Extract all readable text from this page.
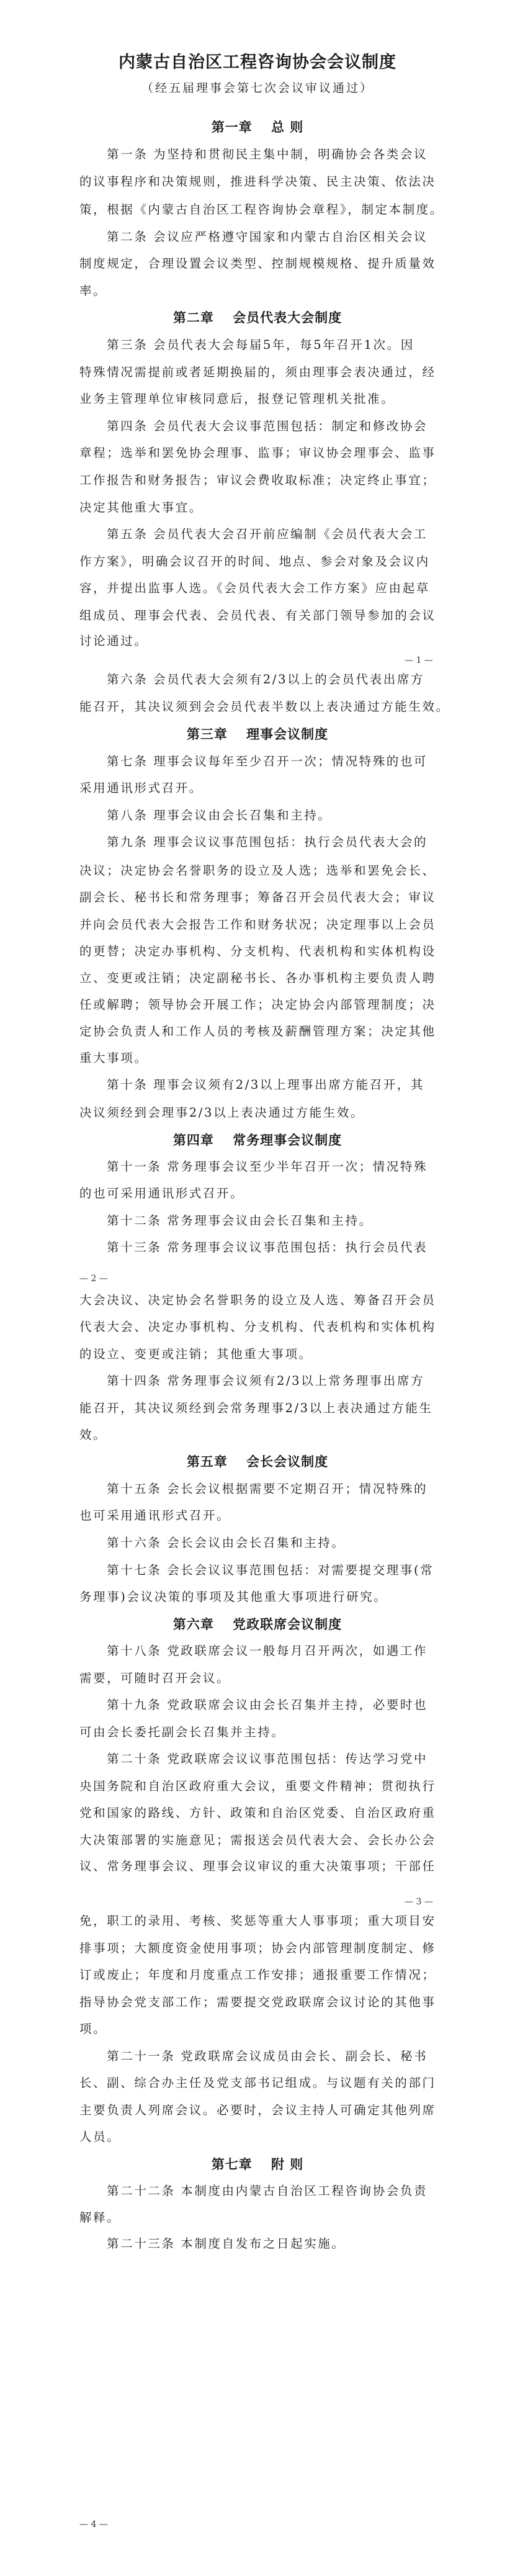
内蒙古自治区工程咨询协会会议制度
（经五届理事会第七次会议审议通过）
第一章　 总 则
第一条 为坚持和贯彻民主集中制，明确协会各类会议
的议事程序和决策规则，推进科学决策、民主决策、依法决
策，根据《内蒙古自治区工程咨询协会章程》，制定本制度。
第二条 会议应严格遵守国家和内蒙古自治区相关会议
制度规定，合理设置会议类型、控制规模规格、提升质量效
率。
第二章　 会员代表大会制度
第三条 会员代表大会每届5年，每5年召开1次。因
特殊情况需提前或者延期换届的，须由理事会表决通过，经
业务主管理单位审核同意后，报登记管理机关批准。
第四条 会员代表大会议事范围包括：制定和修改协会
章程；选举和罢免协会理事、监事；审议协会理事会、监事
工作报告和财务报告；审议会费收取标准；决定终止事宜；
决定其他重大事宜。
第五条 会员代表大会召开前应编制《会员代表大会工
作方案》，明确会议召开的时间、地点、参会对象及会议内
容，并提出监事人选。《会员代表大会工作方案》应由起草
组成员、理事会代表、会员代表、有关部门领导参加的会议
讨论通过。
— 1 —
第六条 会员代表大会须有2/3以上的会员代表出席方
能召开，其决议须到会会员代表半数以上表决通过方能生效。
第三章　 理事会议制度
第七条 理事会议每年至少召开一次；情况特殊的也可
采用通讯形式召开。
第八条 理事会议由会长召集和主持。
第九条 理事会议议事范围包括：执行会员代表大会的
决议；决定协会名誉职务的设立及人选；选举和罢免会长、
副会长、秘书长和常务理事；筹备召开会员代表大会；审议
并向会员代表大会报告工作和财务状况；决定理事以上会员
的更替；决定办事机构、分支机构、代表机构和实体机构设
立、变更或注销；决定副秘书长、各办事机构主要负责人聘
任或解聘；领导协会开展工作；决定协会内部管理制度；决
定协会负责人和工作人员的考核及薪酬管理方案；决定其他
重大事项。
第十条 理事会议须有2/3以上理事出席方能召开，其
决议须经到会理事2/3以上表决通过方能生效。
第四章　 常务理事会议制度
第十一条 常务理事会议至少半年召开一次；情况特殊
的也可采用通讯形式召开。
第十二条 常务理事会议由会长召集和主持。
第十三条 常务理事会议议事范围包括：执行会员代表
— 2 —
大会决议、决定协会名誉职务的设立及人选、筹备召开会员
代表大会、决定办事机构、分支机构、代表机构和实体机构
的设立、变更或注销；其他重大事项。
第十四条 常务理事会议须有2/3以上常务理事出席方
能召开，其决议须经到会常务理事2/3以上表决通过方能生
效。
第五章　 会长会议制度
第十五条 会长会议根据需要不定期召开；情况特殊的
也可采用通讯形式召开。
第十六条 会长会议由会长召集和主持。
第十七条 会长会议议事范围包括：对需要提交理事(常
务理事)会议决策的事项及其他重大事项进行研究。
第六章　 党政联席会议制度
第十八条 党政联席会议一般每月召开两次，如遇工作
需要，可随时召开会议。
第十九条 党政联席会议由会长召集并主持，必要时也
可由会长委托副会长召集并主持。
第二十条 党政联席会议议事范围包括：传达学习党中
央国务院和自治区政府重大会议，重要文件精神；贯彻执行
党和国家的路线、方针、政策和自治区党委、自治区政府重
大决策部署的实施意见；需报送会员代表大会、会长办公会
议、常务理事会议、理事会议审议的重大决策事项；干部任
— 3 —
免，职工的录用、考核、奖惩等重大人事事项；重大项目安
排事项；大额度资金使用事项；协会内部管理制度制定、修
订或废止；年度和月度重点工作安排；通报重要工作情况；
指导协会党支部工作；需要提交党政联席会议讨论的其他事
项。
第二十一条 党政联席会议成员由会长、副会长、秘书
长、副、综合办主任及党支部书记组成。与议题有关的部门
主要负责人列席会议。必要时，会议主持人可确定其他列席
人员。
第七章　 附 则
第二十二条 本制度由内蒙古自治区工程咨询协会负责
解释。
第二十三条 本制度自发布之日起实施。
— 4 —
